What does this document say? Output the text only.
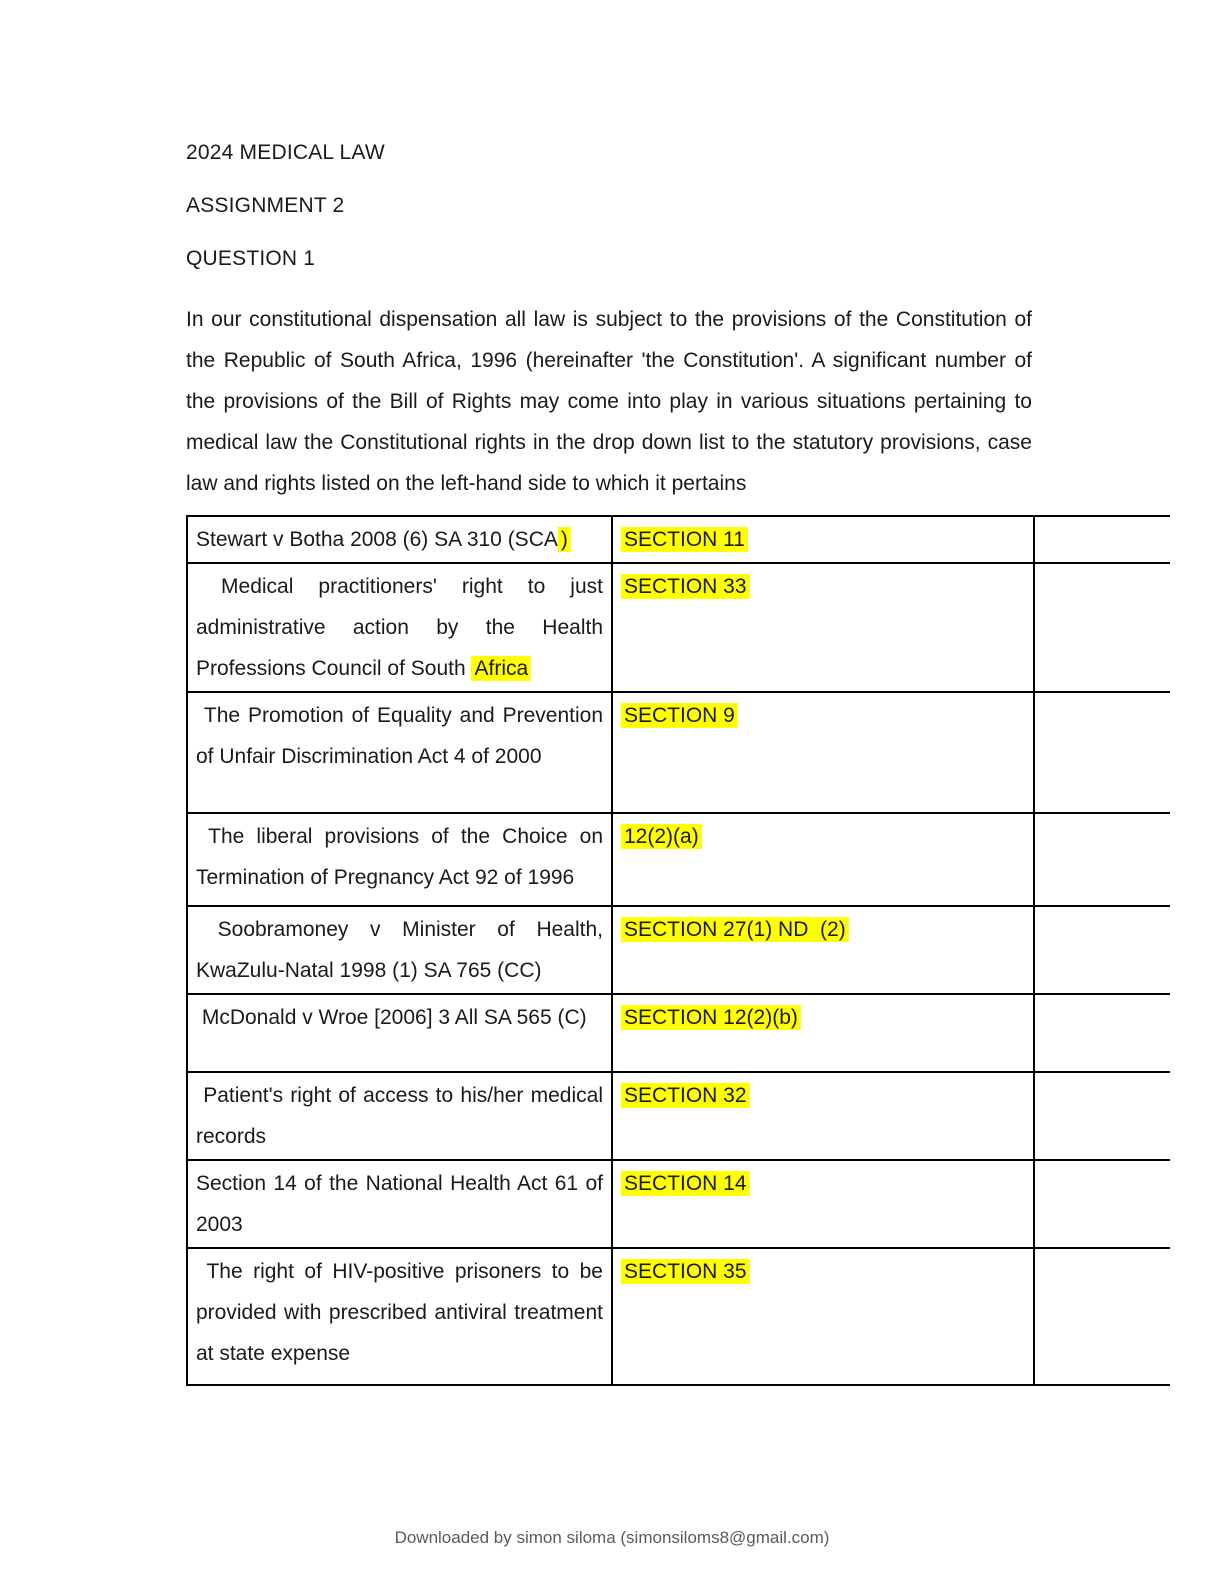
2024 MEDICAL LAW
ASSIGNMENT 2
QUESTION 1
In our constitutional dispensation all law is subject to the provisions of the Constitution of the Republic of South Africa, 1996 (hereinafter 'the Constitution'. A significant number of the provisions of the Bill of Rights may come into play in various situations pertaining to medical law the Constitutional rights in the drop down list to the statutory provisions, case law and rights listed on the left-hand side to which it pertains
Stewart v Botha 2008 (6) SA 310 (SCA )	SECTION 11	
Medical practitioners' right to just administrative action by the Health Professions Council of South Africa	SECTION 33	
The Promotion of Equality and Prevention of Unfair Discrimination Act 4 of 2000	SECTION 9	
The liberal provisions of the Choice on Termination of Pregnancy Act 92 of 1996	12(2)(a)	
Soobramoney v Minister of Health, KwaZulu-Natal 1998 (1) SA 765 (CC)	SECTION 27(1) ND  (2)	
McDonald v Wroe [2006] 3 All SA 565 (C)	SECTION 12(2)(b)	
Patient's right of access to his/her medical records	SECTION 32	
Section 14 of the National Health Act 61 of 2003	SECTION 14	
The right of HIV-positive prisoners to be provided with prescribed antiviral treatment at state expense	SECTION 35	
Downloaded by simon siloma (simonsiloms8@gmail.com)
